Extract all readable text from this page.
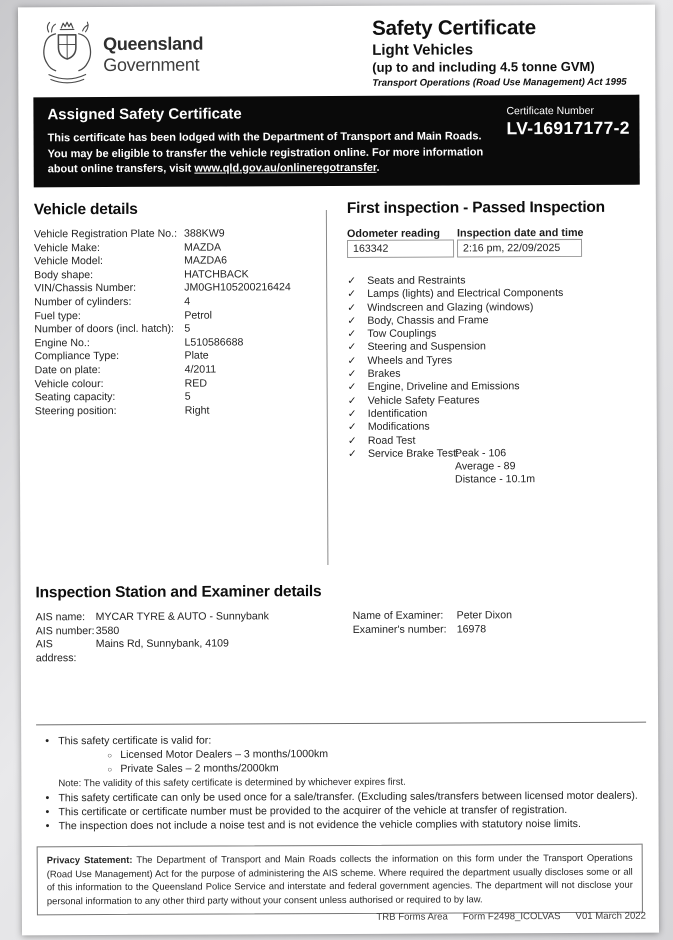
Queensland
Government
Safety Certificate
Light Vehicles
(up to and including 4.5 tonne GVM)
Transport Operations (Road Use Management) Act 1995
Assigned Safety Certificate
This certificate has been lodged with the Department of Transport and Main Roads. You may be eligible to transfer the vehicle registration online. For more information about online transfers, visit www.qld.gov.au/onlineregotransfer.
Certificate Number
LV-16917177-2
Vehicle details
Vehicle Registration Plate No.: 388KW9
Vehicle Make:	MAZDA
Vehicle Model:	MAZDA6
Body shape:	HATCHBACK
VIN/Chassis Number:	JM0GH105200216424
Number of cylinders:	4
Fuel type:	Petrol
Number of doors (incl. hatch): 5
Engine No.:	L510586688
Compliance Type:	Plate
Date on plate:	4/2011
Vehicle colour:	RED
Seating capacity:	5
Steering position:	Right
First inspection - Passed Inspection
Odometer reading Inspection date and time
163342	2:16 pm, 22/09/2025
✓	Seats and Restraints
✓	Lamps (lights) and Electrical Components
✓	Windscreen and Glazing (windows)
✓	Body, Chassis and Frame
✓	Tow Couplings
✓	Steering and Suspension
✓	Wheels and Tyres
✓	Brakes
✓	Engine, Driveline and Emissions
✓	Vehicle Safety Features
✓	Identification
✓	Modifications
✓	Road Test
✓	Service Brake Test:
Peak - 106
Average - 89
Distance - 10.1m
Inspection Station and Examiner details
AIS name: MYCAR TYRE & AUTO - Sunnybank
AIS number: 3580
AIS address:
Mains Rd, Sunnybank, 4109
Name of Examiner:	Peter Dixon
Examiner's number: 16978
• This safety certificate is valid for:
○ Licensed Motor Dealers – 3 months/1000km
○ Private Sales – 2 months/2000km
Note: The validity of this safety certificate is determined by whichever expires first.
• This safety certificate can only be used once for a sale/transfer. (Excluding sales/transfers between licensed motor dealers).
• This certificate or certificate number must be provided to the acquirer of the vehicle at transfer of registration.
• The inspection does not include a noise test and is not evidence the vehicle complies with statutory noise limits.
Privacy Statement: The Department of Transport and Main Roads collects the information on this form under the Transport Operations (Road Use Management) Act for the purpose of administering the AIS scheme. Where required the department usually discloses some or all of this information to the Queensland Police Service and interstate and federal government agencies. The department will not disclose your personal information to any other third party without your consent unless authorised or required to by law.
TRB Forms Area Form F2498_ICOLVAS V01 March 2022
